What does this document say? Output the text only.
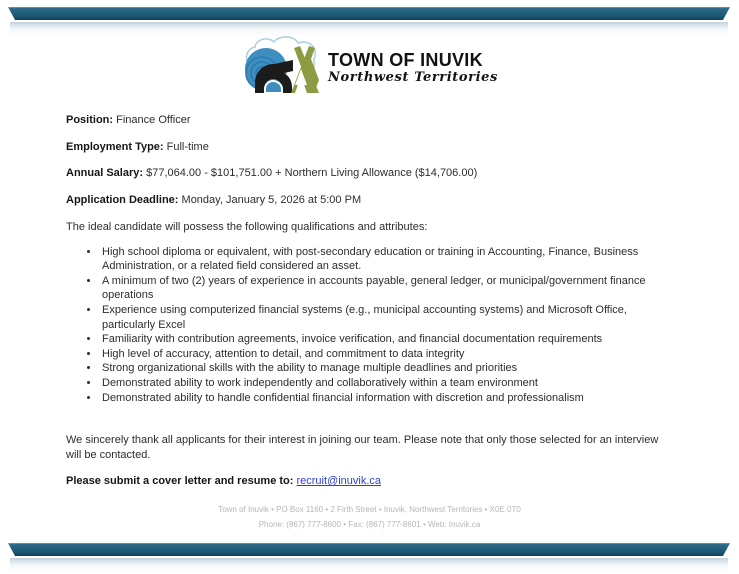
TOWN OF INUVIK
Northwest Territories

Position: Finance Officer

Employment Type: Full-time

Annual Salary: $77,064.00 - $101,751.00 + Northern Living Allowance ($14,706.00)

Application Deadline: Monday, January 5, 2026 at 5:00 PM

The ideal candidate will possess the following qualifications and attributes:

• High school diploma or equivalent, with post-secondary education or training in Accounting, Finance, Business Administration, or a related field considered an asset.
• A minimum of two (2) years of experience in accounts payable, general ledger, or municipal/government finance operations
• Experience using computerized financial systems (e.g., municipal accounting systems) and Microsoft Office, particularly Excel
• Familiarity with contribution agreements, invoice verification, and financial documentation requirements
• High level of accuracy, attention to detail, and commitment to data integrity
• Strong organizational skills with the ability to manage multiple deadlines and priorities
• Demonstrated ability to work independently and collaboratively within a team environment
• Demonstrated ability to handle confidential financial information with discretion and professionalism

We sincerely thank all applicants for their interest in joining our team. Please note that only those selected for an interview will be contacted.

Please submit a cover letter and resume to: recruit@inuvik.ca

Town of Inuvik • PO Box 1160 • 2 Firth Street • Inuvik, Northwest Territories • X0E 0T0
Phone: (867) 777-8600 • Fax: (867) 777-8601 • Web: Inuvik.ca
